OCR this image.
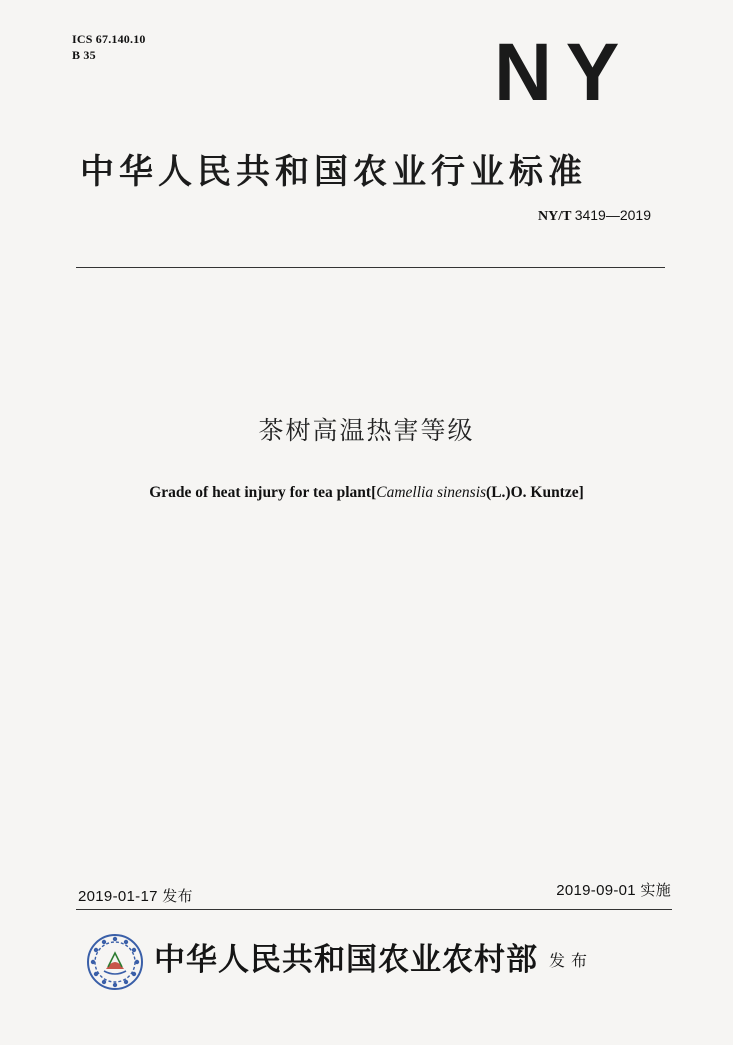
ICS 67.140.10
B 35	NY
中华人民共和国农业行业标准
NY/T 3419—2019
茶树高温热害等级
Grade of heat injury for tea plant[Camellia sinensis(L.)O. Kuntze]
2019-01-17 发布	2019-09-01 实施
中华人民共和国农业农村部 发布
